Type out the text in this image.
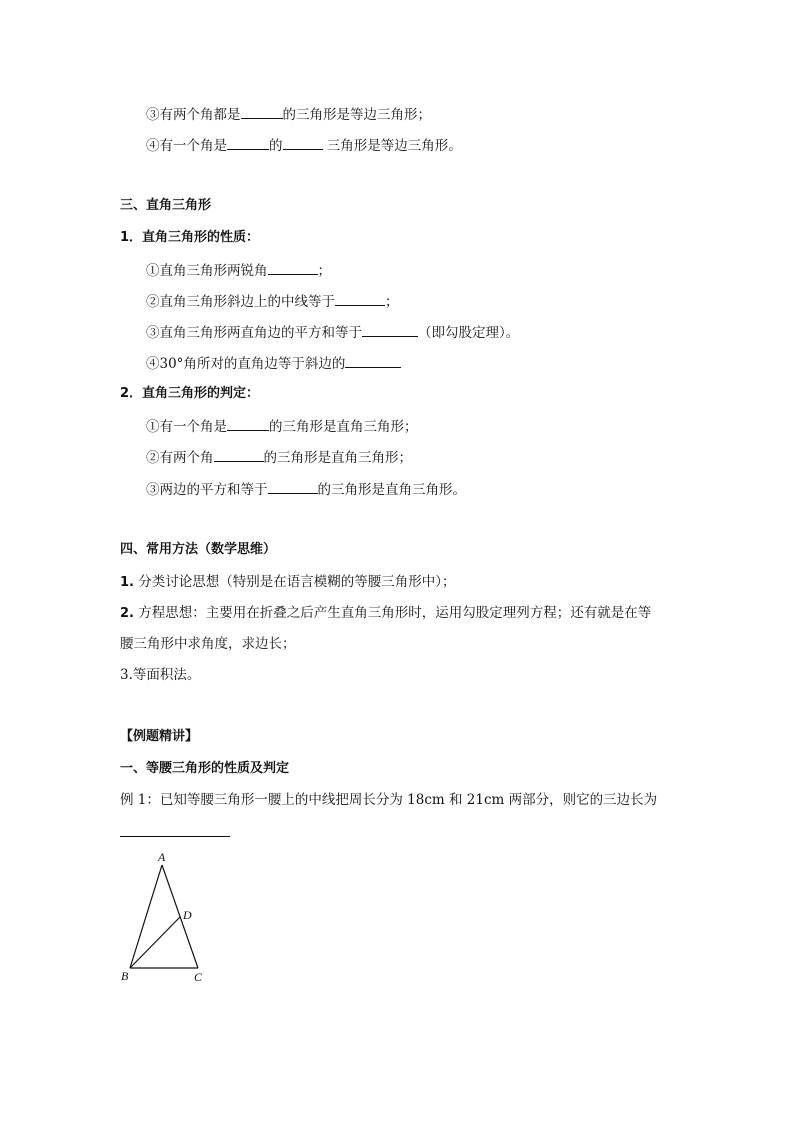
③有两个角都是	的三角形是等边三角形；
④有一个角是	的	三角形是等边三角形。
三、直角三角形
1．直角三角形的性质：
①直角三角形两锐角	；
②直角三角形斜边上的中线等于	；
③直角三角形两直角边的平方和等于	（即勾股定理）。
④30°角所对的直角边等于斜边的
2．直角三角形的判定：
①有一个角是	的三角形是直角三角形；
②有两个角	的三角形是直角三角形；
③两边的平方和等于	的三角形是直角三角形。
四、常用方法（数学思维）
1. 分类讨论思想（特别是在语言模糊的等腰三角形中）；
2. 方程思想：主要用在折叠之后产生直角三角形时，运用勾股定理列方程；还有就是在等
腰三角形中求角度，求边长；
3.等面积法。
【例题精讲】
一、等腰三角形的性质及判定
例 1：已知等腰三角形一腰上的中线把周长分为 18cm 和 21cm 两部分，则它的三边长为
A
D
B	C
